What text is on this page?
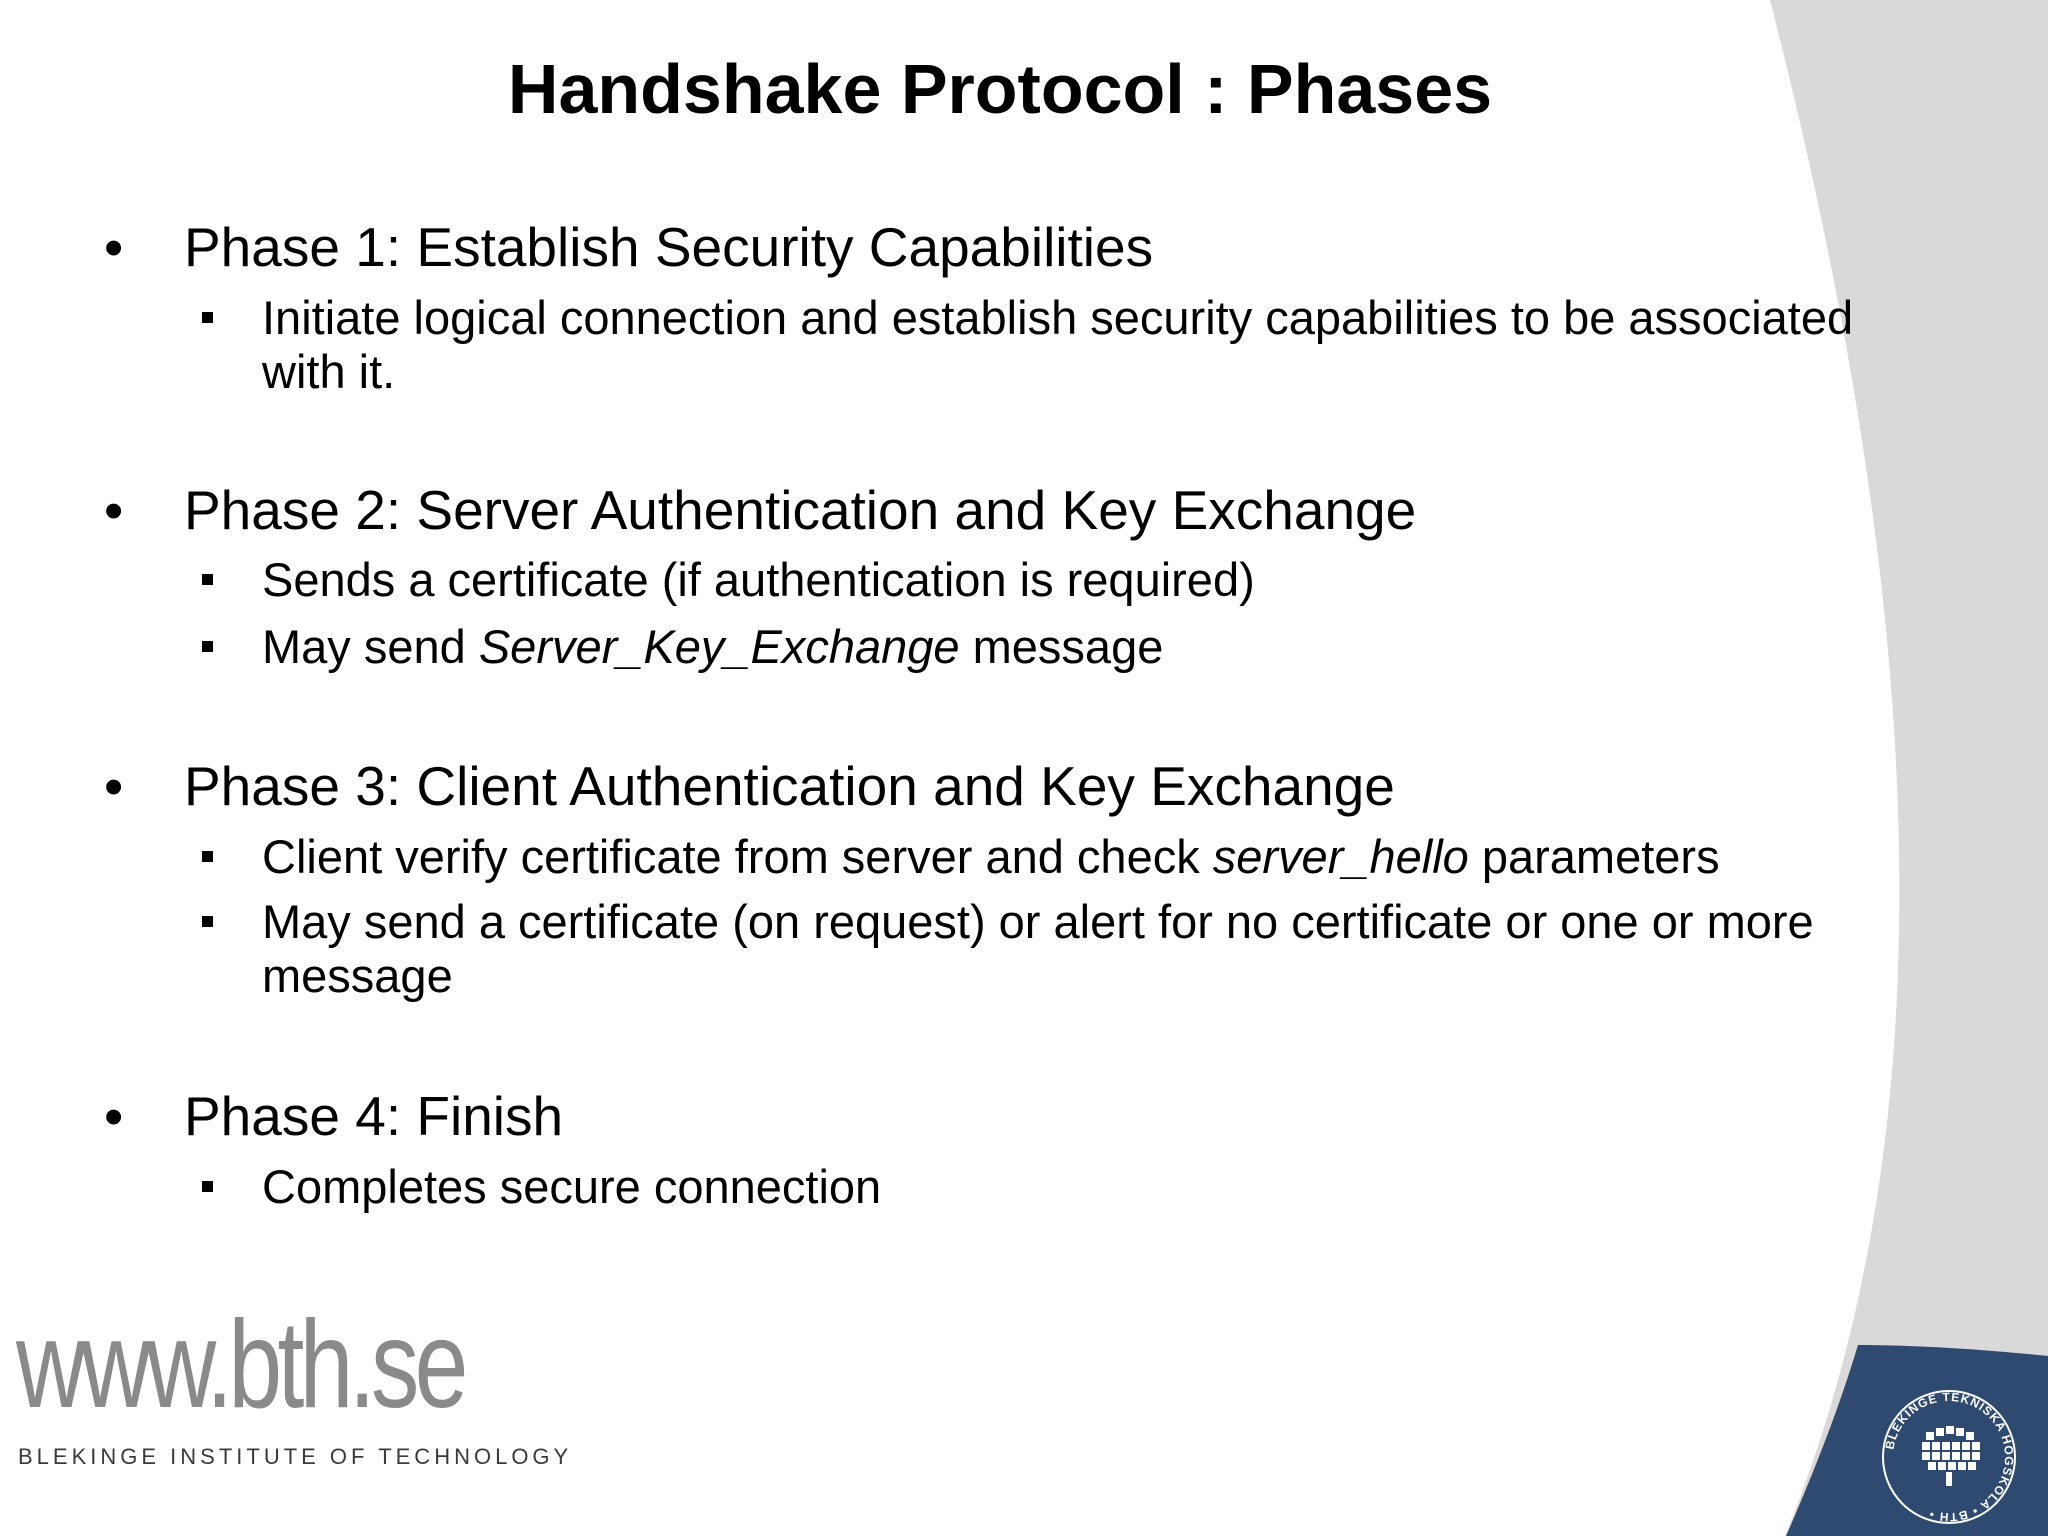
Handshake Protocol : Phases
• Phase 1: Establish Security Capabilities
Initiate logical connection and establish security capabilities to be associated with it.
• Phase 2: Server Authentication and Key Exchange
Sends a certificate (if authentication is required)
May send Server_Key_Exchange message
• Phase 3: Client Authentication and Key Exchange
Client verify certificate from server and check server_hello parameters
May send a certificate (on request) or alert for no certificate or one or more message
• Phase 4: Finish
Completes secure connection
www.bth.se
BLEKINGE INSTITUTE OF TECHNOLOGY	BLEKINGE TEKNISKA HÖGSKOLA • BTH •
